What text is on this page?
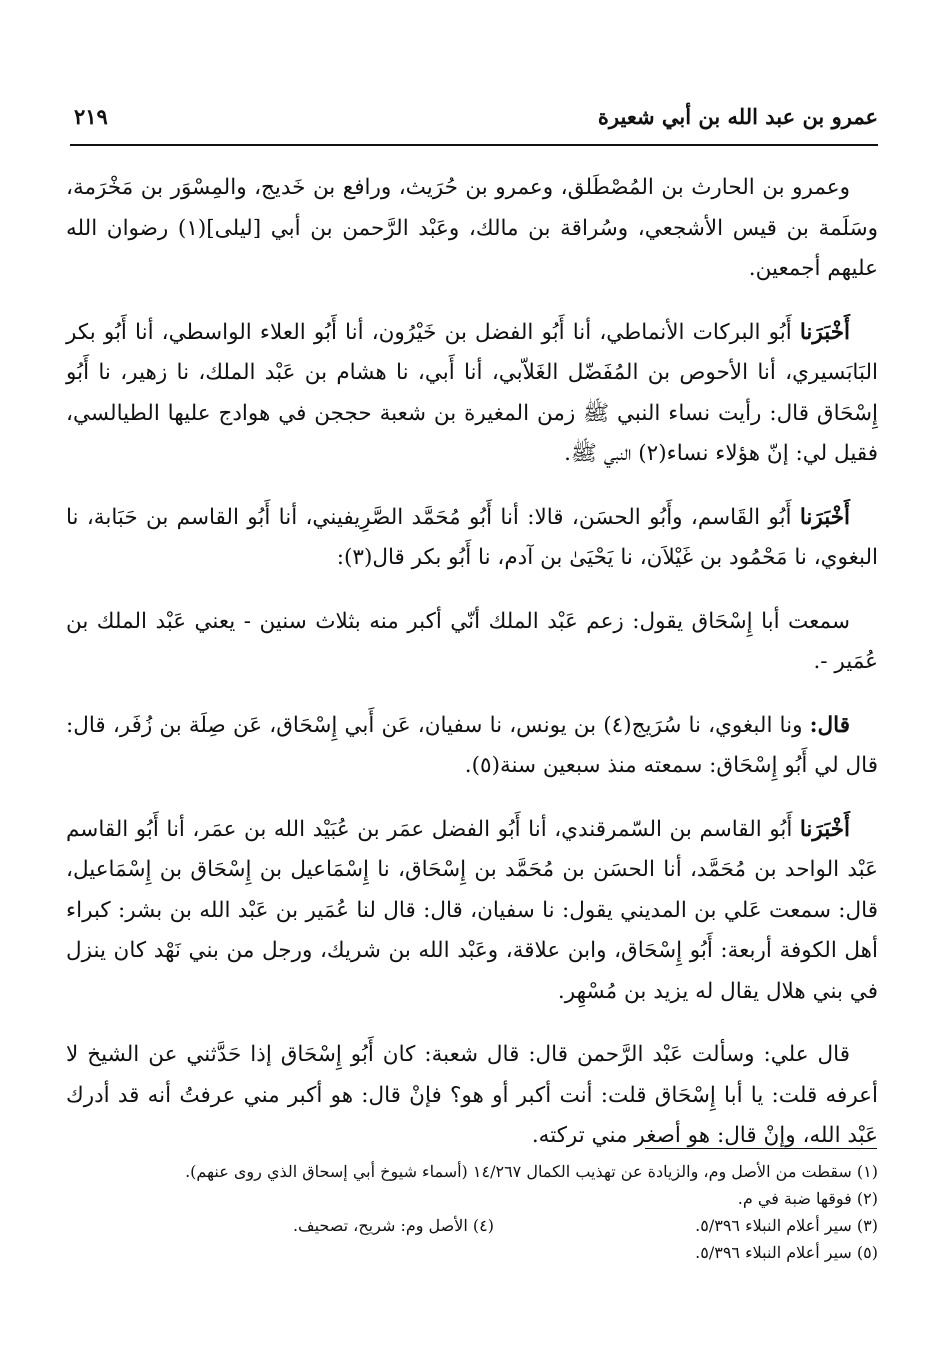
عمرو بن عبد الله بن أبي شعيرة
٢١٩

وعمرو بن الحارث بن المُصْطَلق، وعمرو بن حُرَيث، ورافع بن خَديج، والمِسْوَر بن مَخْرَمة، وسَلَمة بن قيس الأشجعي، وسُراقة بن مالك، وعَبْد الرَّحمن بن أبي [ليلى](١) رضوان الله عليهم أجمعين.

أَخْبَرَنا أَبُو البركات الأنماطي، أنا أَبُو الفضل بن خَيْرُون، أنا أَبُو العلاء الواسطي، أنا أَبُو بكر البَابَسيري، أنا الأحوص بن المُفَضّل الغَلاّبي، أنا أَبي، نا هشام بن عَبْد الملك، نا زهير، نا أَبُو إِسْحَاق قال: رأيت نساء النبي ﷺ زمن المغيرة بن شعبة حججن في هوادج عليها الطيالسي، فقيل لي: إنّ هؤلاء نساء(٢) النبي ﷺ.

أَخْبَرَنا أَبُو القَاسم، وأَبُو الحسَن، قالا: أنا أَبُو مُحَمَّد الصَّرِيفيني، أنا أَبُو القاسم بن حَبَابة، نا البغوي، نا مَحْمُود بن غَيْلاَن، نا يَحْيَىٰ بن آدم، نا أَبُو بكر قال(٣):

سمعت أبا إِسْحَاق يقول: زعم عَبْد الملك أنّي أكبر منه بثلاث سنين - يعني عَبْد الملك بن عُمَير -.

قال: ونا البغوي، نا سُرَيج(٤) بن يونس، نا سفيان، عَن أَبي إِسْحَاق، عَن صِلَة بن زُفَر، قال: قال لي أَبُو إِسْحَاق: سمعته منذ سبعين سنة(٥).

أَخْبَرَنا أَبُو القاسم بن السّمرقندي، أنا أَبُو الفضل عمَر بن عُبَيْد الله بن عمَر، أنا أَبُو القاسم عَبْد الواحد بن مُحَمَّد، أنا الحسَن بن مُحَمَّد بن إِسْحَاق، نا إِسْمَاعيل بن إِسْحَاق بن إِسْمَاعيل، قال: سمعت عَلي بن المديني يقول: نا سفيان، قال: قال لنا عُمَير بن عَبْد الله بن بشر: كبراء أهل الكوفة أربعة: أَبُو إِسْحَاق، وابن علاقة، وعَبْد الله بن شريك، ورجل من بني نَهْد كان ينزل في بني هلال يقال له يزيد بن مُسْهِر.

قال علي: وسألت عَبْد الرَّحمن قال: قال شعبة: كان أَبُو إِسْحَاق إذا حَدَّثني عن الشيخ لا أعرفه قلت: يا أبا إِسْحَاق قلت: أنت أكبر أو هو؟ فإنْ قال: هو أكبر مني عرفتُ أنه قد أدرك عَبْد الله، وإنْ قال: هو أصغر مني تركته.

(١) سقطت من الأصل وم، والزيادة عن تهذيب الكمال ١٤/٢٦٧ (أسماء شيوخ أبي إسحاق الذي روى عنهم).
(٢) فوقها ضبة في م.
(٣) سير أعلام النبلاء ٥/٣٩٦.
(٤) الأصل وم: شريح، تصحيف.
(٥) سير أعلام النبلاء ٥/٣٩٦.
